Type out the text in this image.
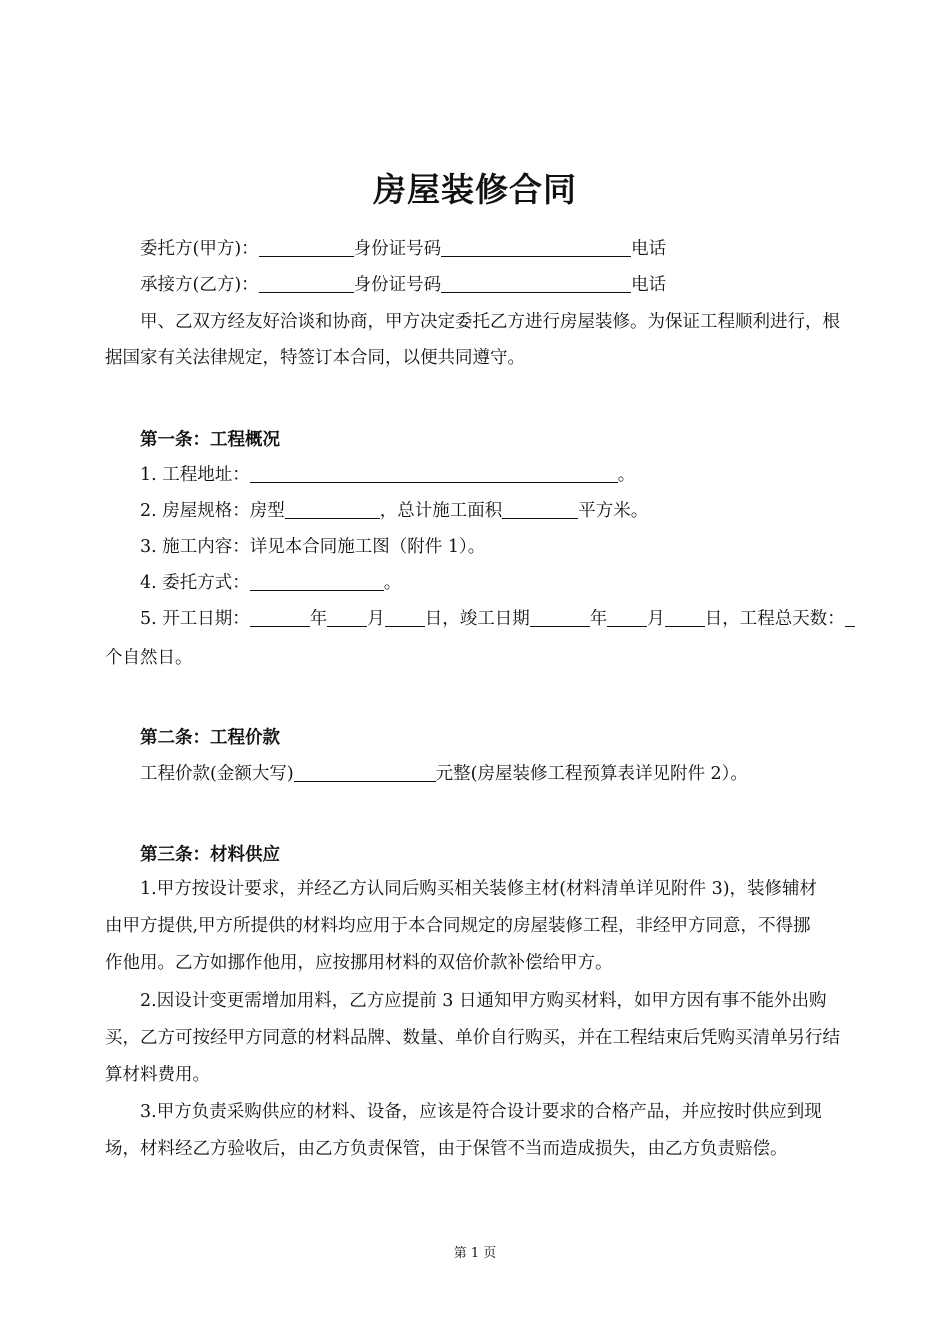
房屋装修合同
委托方(甲方)：	身份证号码	电话
承接方(乙方)：	身份证号码	电话
甲、乙双方经友好洽谈和协商，甲方决定委托乙方进行房屋装修。为保证工程顺利进行，根
据国家有关法律规定，特签订本合同，以便共同遵守。
第一条：工程概况
1. 工程地址：	。
2. 房屋规格：房型	，总计施工面积	平方米。
3. 施工内容：详见本合同施工图（附件 1）。
4. 委托方式：	。
5. 开工日期：	年 月 日，竣工日期	年 月 日，工程总天数：
个自然日。
第二条：工程价款
工程价款(金额大写)	元整(房屋装修工程预算表详见附件 2）。
第三条：材料供应
1.甲方按设计要求，并经乙方认同后购买相关装修主材(材料清单详见附件 3)，装修辅材
由甲方提供,甲方所提供的材料均应用于本合同规定的房屋装修工程，非经甲方同意，不得挪
作他用。乙方如挪作他用，应按挪用材料的双倍价款补偿给甲方。
2.因设计变更需增加用料，乙方应提前 3 日通知甲方购买材料，如甲方因有事不能外出购
买，乙方可按经甲方同意的材料品牌、数量、单价自行购买，并在工程结束后凭购买清单另行结
算材料费用。
3.甲方负责采购供应的材料、设备，应该是符合设计要求的合格产品，并应按时供应到现
场，材料经乙方验收后，由乙方负责保管，由于保管不当而造成损失，由乙方负责赔偿。
第 1 页
